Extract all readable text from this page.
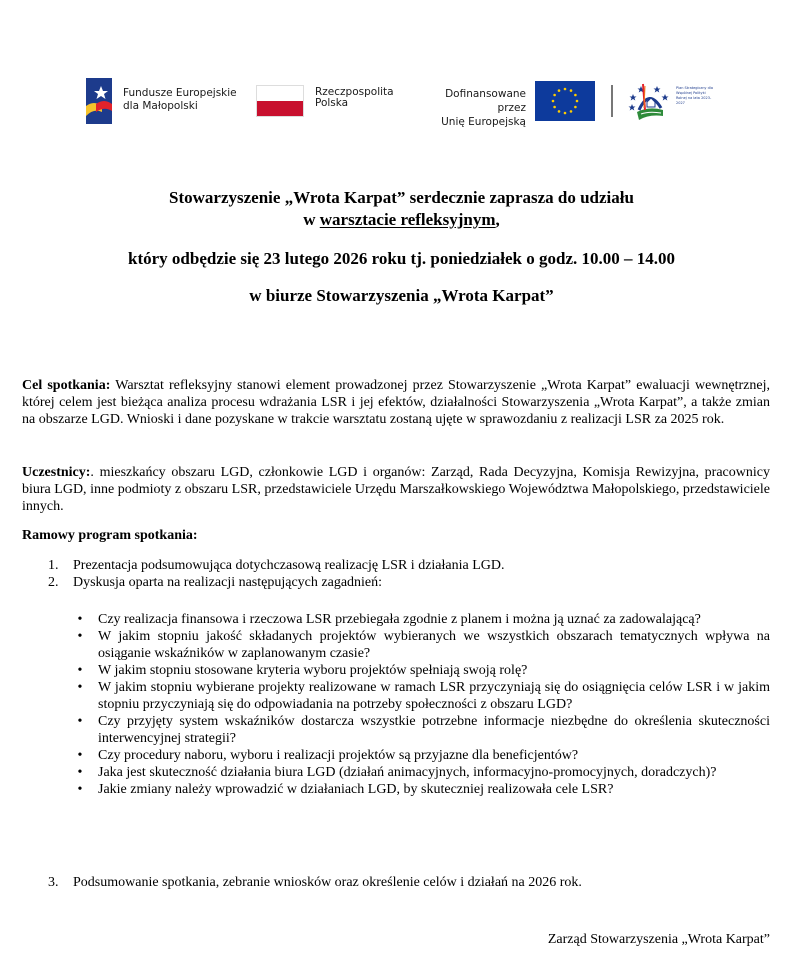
Fundusze Europejskie
dla Małopolski
Rzeczpospolita
Polska
Dofinansowane przez
Unię Europejską
Plan Strategiczny dla Wspólnej Polityki Rolnej na lata 2023-2027
Stowarzyszenie „Wrota Karpat” serdecznie zaprasza do udziału
w warsztacie refleksyjnym,
który odbędzie się 23 lutego 2026 roku tj. poniedziałek o godz. 10.00 – 14.00
w biurze Stowarzyszenia „Wrota Karpat”
Cel spotkania: Warsztat refleksyjny stanowi element prowadzonej przez Stowarzyszenie „Wrota Karpat” ewaluacji wewnętrznej, której celem jest bieżąca analiza procesu wdrażania LSR i jej efektów, działalności Stowarzyszenia „Wrota Karpat”, a także zmian na obszarze LGD. Wnioski i dane pozyskane w trakcie warsztatu zostaną ujęte w sprawozdaniu z realizacji LSR za 2025 rok.
Uczestnicy:. mieszkańcy obszaru LGD, członkowie LGD i organów: Zarząd, Rada Decyzyjna, Komisja Rewizyjna, pracownicy biura LGD, inne podmioty z obszaru LSR, przedstawiciele Urzędu Marszałkowskiego Województwa Małopolskiego, przedstawiciele innych.
Ramowy program spotkania:
1. Prezentacja podsumowująca dotychczasową realizację LSR i działania LGD.
2. Dyskusja oparta na realizacji następujących zagadnień:
• Czy realizacja finansowa i rzeczowa LSR przebiegała zgodnie z planem i można ją uznać za zadowalającą?
• W jakim stopniu jakość składanych projektów wybieranych we wszystkich obszarach tematycznych wpływa na osiąganie wskaźników w zaplanowanym czasie?
• W jakim stopniu stosowane kryteria wyboru projektów spełniają swoją rolę?
• W jakim stopniu wybierane projekty realizowane w ramach LSR przyczyniają się do osiągnięcia celów LSR i w jakim stopniu przyczyniają się do odpowiadania na potrzeby społeczności z obszaru LGD?
• Czy przyjęty system wskaźników dostarcza wszystkie potrzebne informacje niezbędne do określenia skuteczności interwencyjnej strategii?
• Czy procedury naboru, wyboru i realizacji projektów są przyjazne dla beneficjentów?
• Jaka jest skuteczność działania biura LGD (działań animacyjnych, informacyjno-promocyjnych, doradczych)?
• Jakie zmiany należy wprowadzić w działaniach LGD, by skuteczniej realizowała cele LSR?
3. Podsumowanie spotkania, zebranie wniosków oraz określenie celów i działań na 2026 rok.
Zarząd Stowarzyszenia „Wrota Karpat”
